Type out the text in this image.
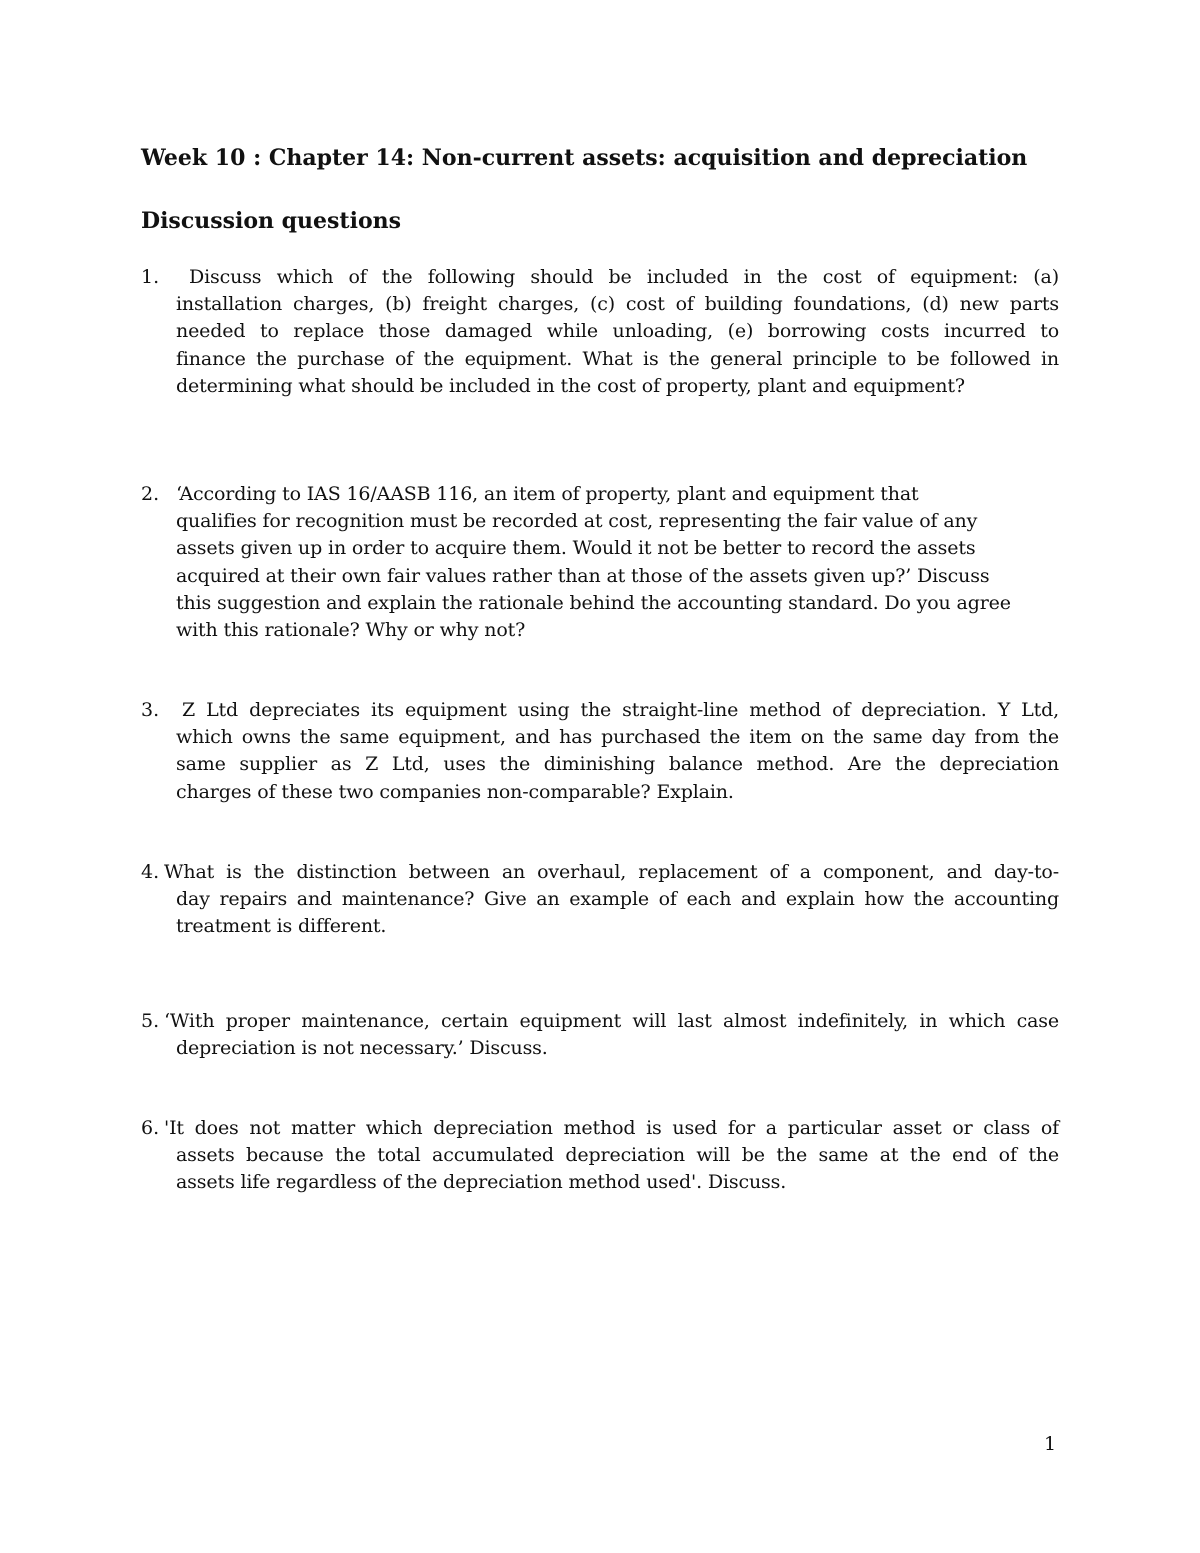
Week 10 : Chapter 14: Non-current assets: acquisition and depreciation
Discussion questions
1.	Discuss which of the following should be included in the cost of equipment: (a)
installation charges, (b) freight charges, (c) cost of building foundations, (d) new parts
needed to replace those damaged while unloading, (e) borrowing costs incurred to
finance the purchase of the equipment. What is the general principle to be followed in
determining what should be included in the cost of property, plant and equipment?

2. ‘According to IAS 16/AASB 116, an item of property, plant and equipment that
qualifies for recognition must be recorded at cost, representing the fair value of any
assets given up in order to acquire them. Would it not be better to record the assets
acquired at their own fair values rather than at those of the assets given up?’ Discuss
this suggestion and explain the rationale behind the accounting standard. Do you agree
with this rationale? Why or why not?

3.	Z Ltd depreciates its equipment using the straight-line method of depreciation. Y Ltd,
which owns the same equipment, and has purchased the item on the same day from the
same supplier as Z Ltd, uses the diminishing balance method. Are the depreciation
charges of these two companies non-comparable? Explain.

4. What is the distinction between an overhaul, replacement of a component, and day-to-
day repairs and maintenance? Give an example of each and explain how the accounting
treatment is different.

5. ‘With proper maintenance, certain equipment will last almost indefinitely, in which case
depreciation is not necessary.’ Discuss.

6. 'It does not matter which depreciation method is used for a particular asset or class of
assets because the total accumulated depreciation will be the same at the end of the
assets life regardless of the depreciation method used'. Discuss.

1
